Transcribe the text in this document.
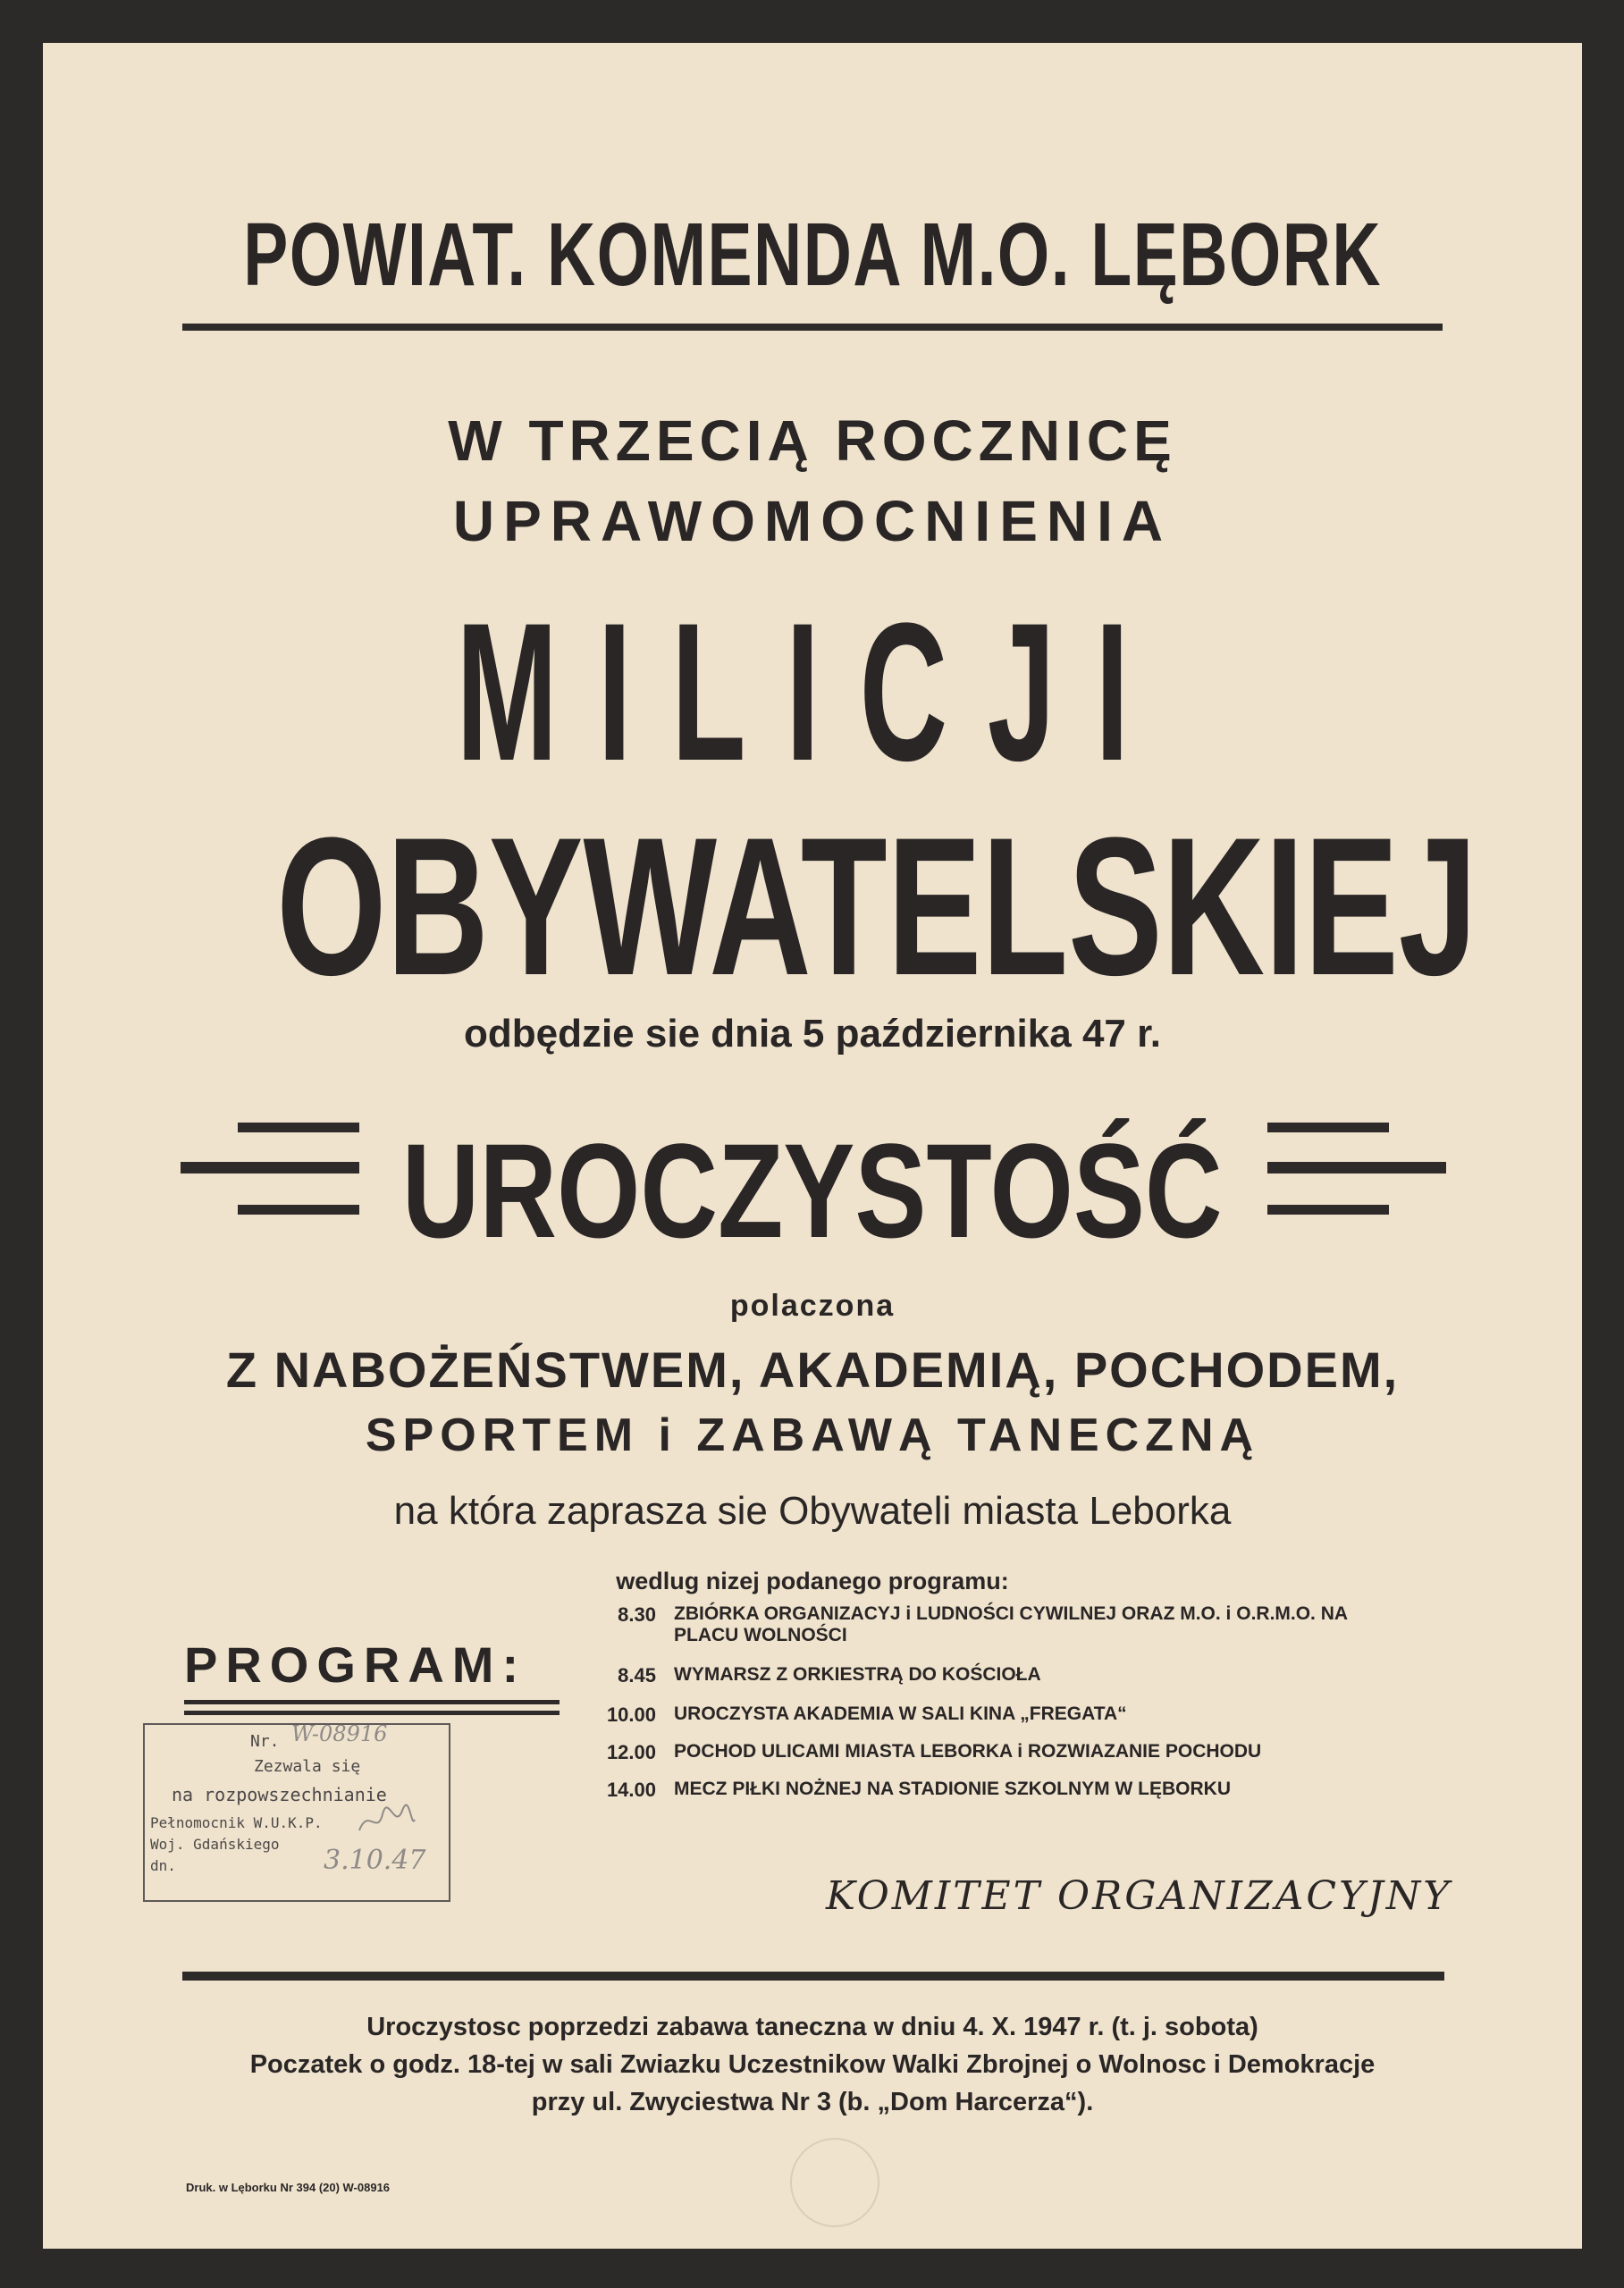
POWIAT. KOMENDA M.O. LĘBORK
W TRZECIĄ ROCZNICĘ
UPRAWOMOCNIENIA
MILICJI
OBYWATELSKIEJ
odbędzie sie dnia 5 października 47 r.
UROCZYSTOŚĆ
polaczona
Z NABOŻEŃSTWEM, AKADEMIĄ, POCHODEM,
SPORTEM i ZABAWĄ TANECZNĄ
na która zaprasza sie Obywateli miasta Leborka
wedlug nizej podanego programu:
PROGRAM:
8.30 ZBIÓRKA ORGANIZACYJ i LUDNOŚCI CYWILNEJ ORAZ M.O. i O.R.M.O. NA
PLACU WOLNOŚCI
8.45 WYMARSZ Z ORKIESTRĄ DO KOŚCIOŁA
10.00 UROCZYSTA AKADEMIA W SALI KINA „FREGATA“
12.00 POCHOD ULICAMI MIASTA LEBORKA i ROZWIAZANIE POCHODU
14.00 MECZ PIŁKI NOŻNEJ NA STADIONIE SZKOLNYM W LĘBORKU
Nr. W-08916
Zezwala się
na rozpowszechnianie
Pełnomocnik W.U.K.P.
Woj. Gdańskiego
dn.	3.10.47
KOMITET ORGANIZACYJNY
Uroczystosc poprzedzi zabawa taneczna w dniu 4. X. 1947 r. (t. j. sobota)
Poczatek o godz. 18-tej w sali Zwiazku Uczestnikow Walki Zbrojnej o Wolnosc i Demokracje
przy ul. Zwyciestwa Nr 3 (b. „Dom Harcerza“).
Druk. w Lęborku Nr 394 (20) W-08916
